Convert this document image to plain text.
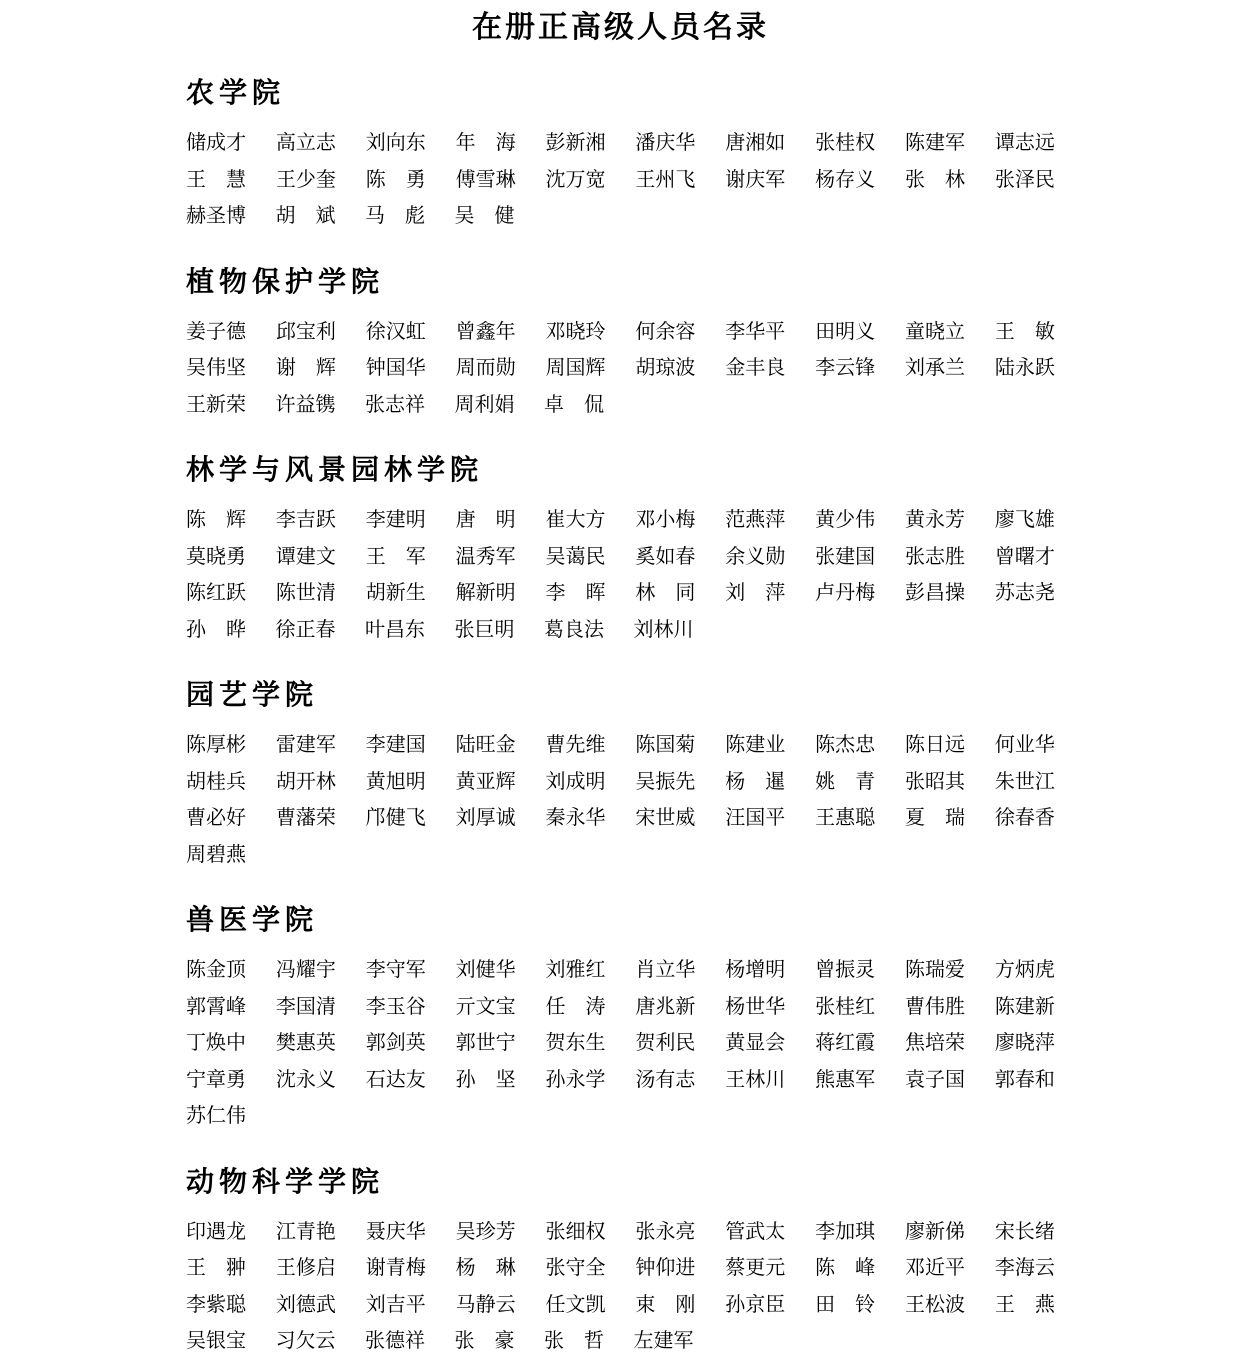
在册正高级人员名录
农学院
储成才 高立志 刘向东 年　海 彭新湘 潘庆华 唐湘如 张桂权 陈建军 谭志远
王　慧 王少奎 陈　勇 傅雪琳 沈万宽 王州飞 谢庆军 杨存义 张　林 张泽民
赫圣博 胡　斌 马　彪 吴　健
植物保护学院
姜子德 邱宝利 徐汉虹 曾鑫年 邓晓玲 何余容 李华平 田明义 童晓立 王　敏
吴伟坚 谢　辉 钟国华 周而勋 周国辉 胡琼波 金丰良 李云锋 刘承兰 陆永跃
王新荣 许益镌 张志祥 周利娟 卓　侃
林学与风景园林学院
陈　辉 李吉跃 李建明 唐　明 崔大方 邓小梅 范燕萍 黄少伟 黄永芳 廖飞雄
莫晓勇 谭建文 王　军 温秀军 吴蔼民 奚如春 余义勋 张建国 张志胜 曾曙才
陈红跃 陈世清 胡新生 解新明 李　晖 林　同 刘　萍 卢丹梅 彭昌操 苏志尧
孙　晔 徐正春 叶昌东 张巨明 葛良法 刘林川
园艺学院
陈厚彬 雷建军 李建国 陆旺金 曹先维 陈国菊 陈建业 陈杰忠 陈日远 何业华
胡桂兵 胡开林 黄旭明 黄亚辉 刘成明 吴振先 杨　暹 姚　青 张昭其 朱世江
曹必好 曹藩荣 邝健飞 刘厚诚 秦永华 宋世威 汪国平 王惠聪 夏　瑞 徐春香
周碧燕
兽医学院
陈金顶 冯耀宇 李守军 刘健华 刘雅红 肖立华 杨增明 曾振灵 陈瑞爱 方炳虎
郭霄峰 李国清 李玉谷 亓文宝 任　涛 唐兆新 杨世华 张桂红 曹伟胜 陈建新
丁焕中 樊惠英 郭剑英 郭世宁 贺东生 贺利民 黄显会 蒋红霞 焦培荣 廖晓萍
宁章勇 沈永义 石达友 孙　坚 孙永学 汤有志 王林川 熊惠军 袁子国 郭春和
苏仁伟
动物科学学院
印遇龙 江青艳 聂庆华 吴珍芳 张细权 张永亮 管武太 李加琪 廖新俤 宋长绪
王　翀 王修启 谢青梅 杨　琳 张守全 钟仰进 蔡更元 陈　峰 邓近平 李海云
李紫聪 刘德武 刘吉平 马静云 任文凯 束　刚 孙京臣 田　铃 王松波 王　燕
吴银宝 习欠云 张德祥 张　豪 张　哲 左建军
